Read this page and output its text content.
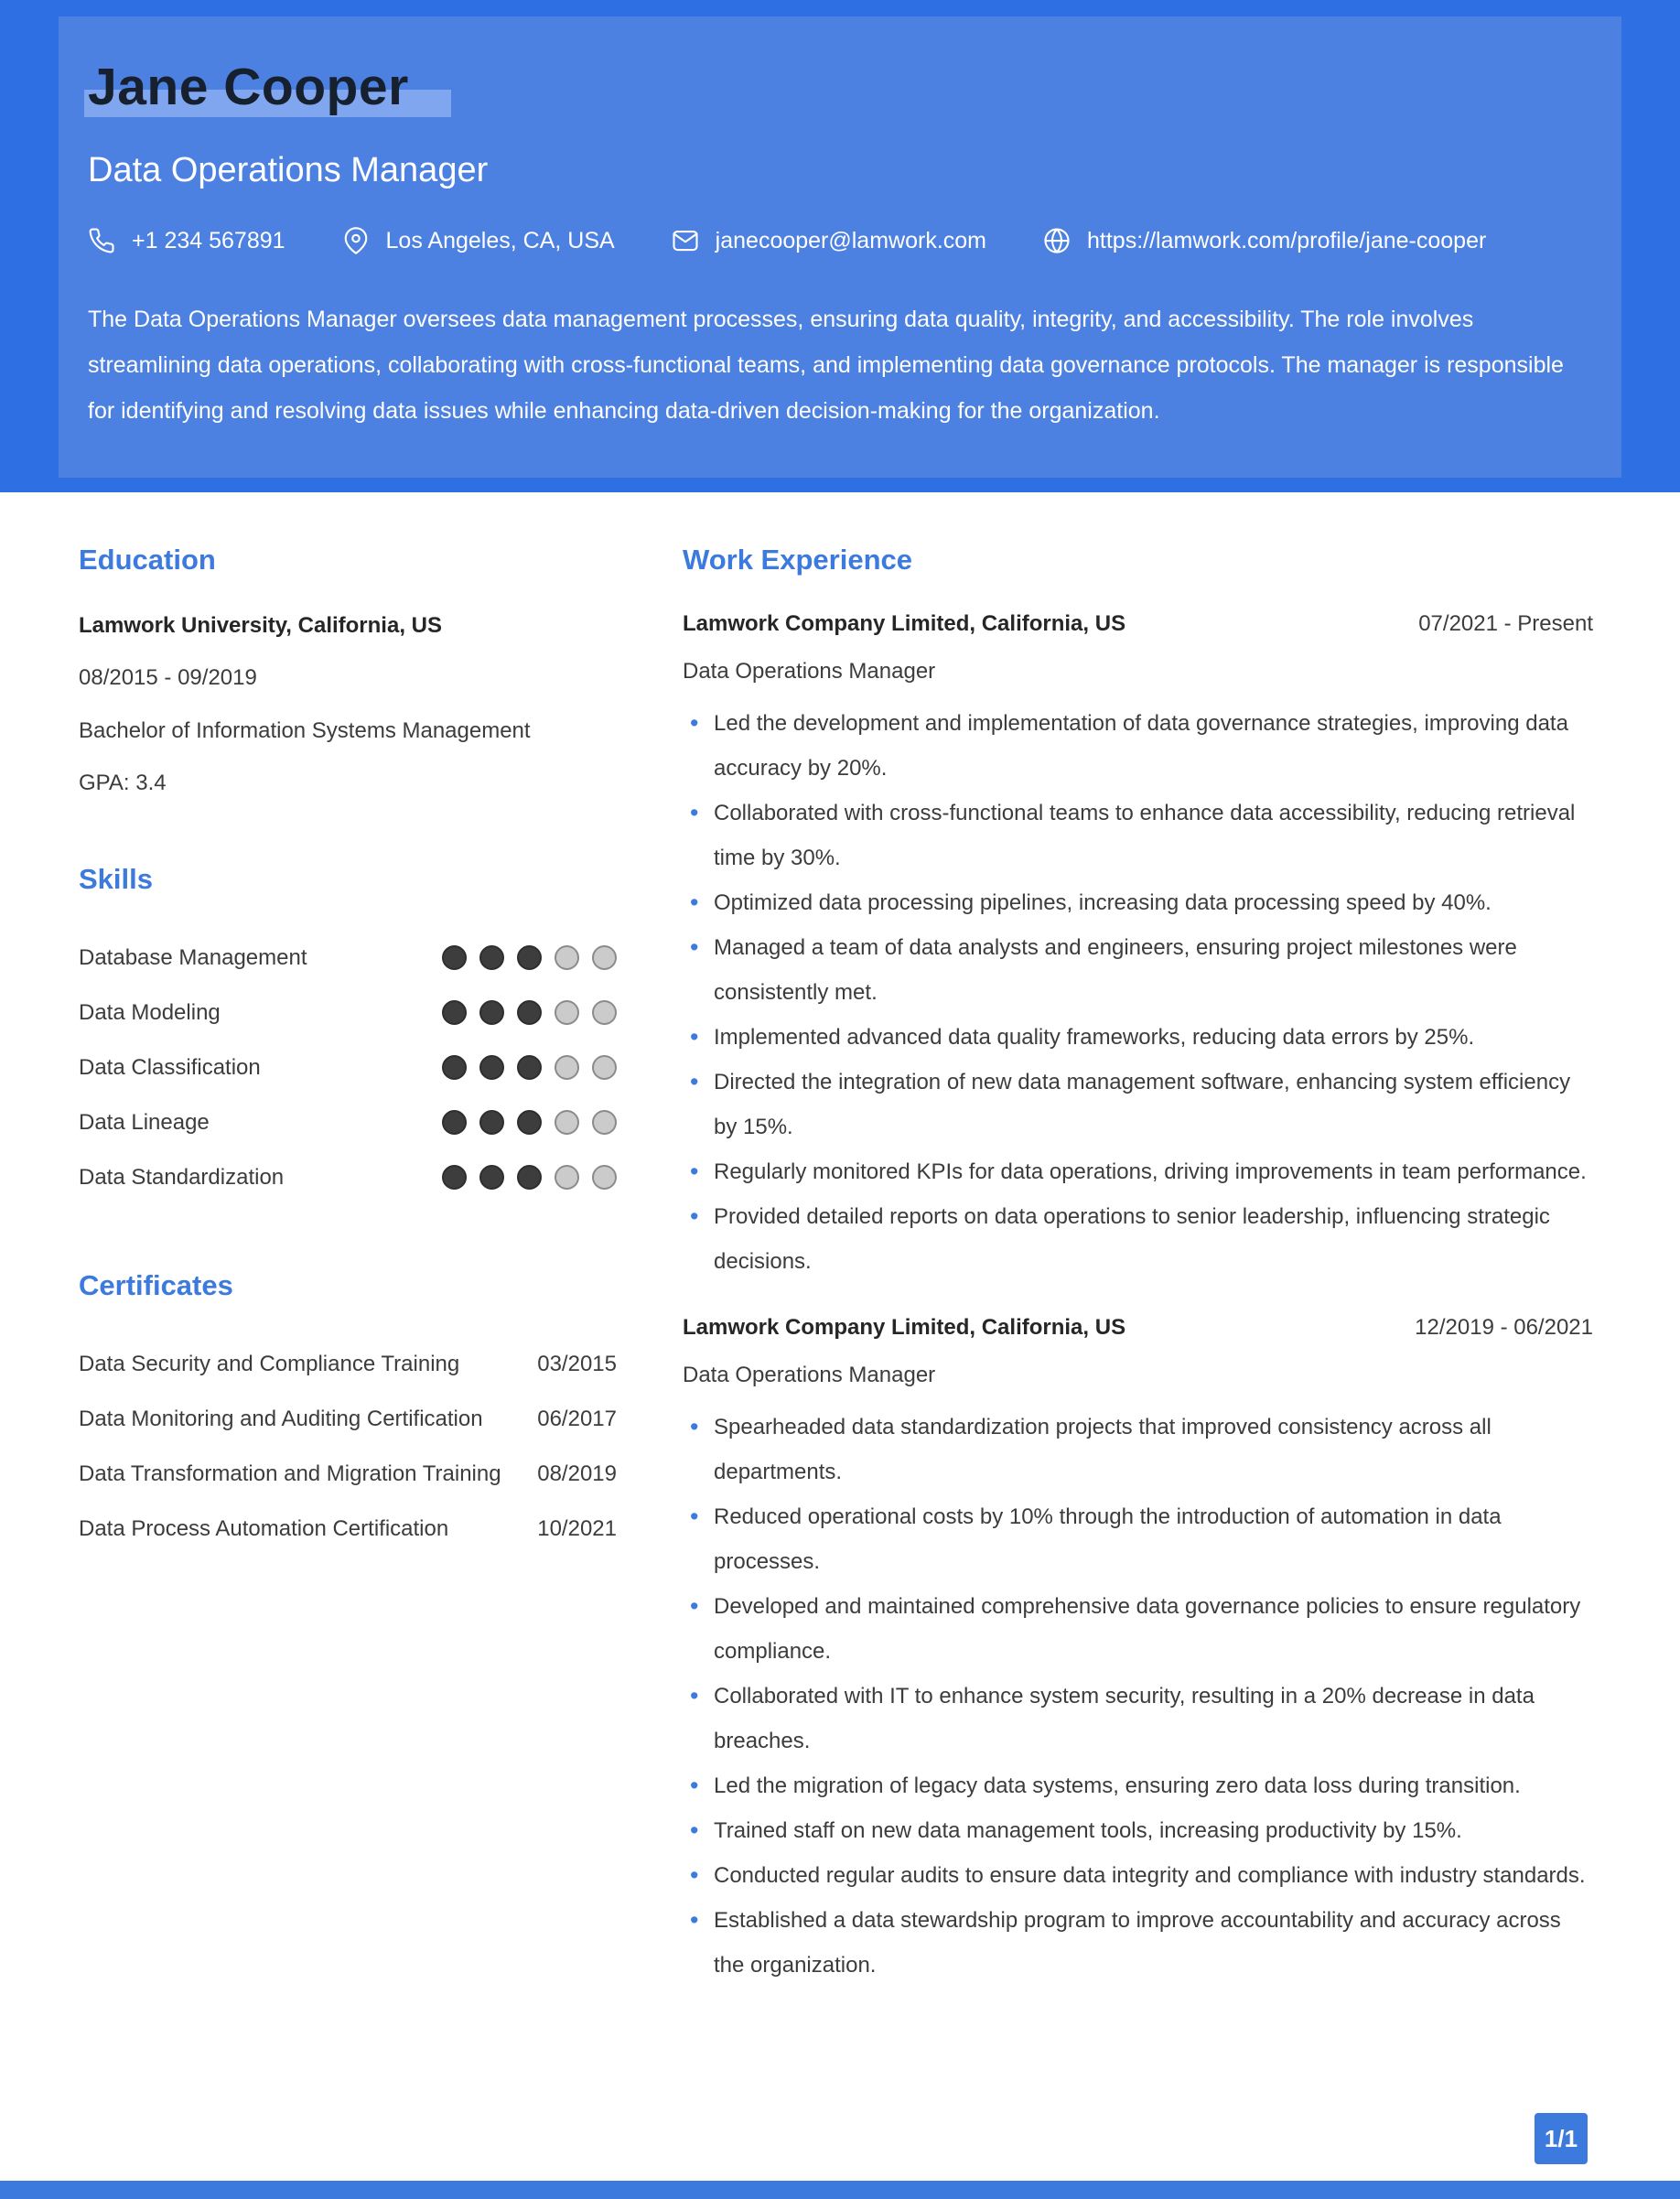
Jane Cooper
Data Operations Manager
+1 234 567891	Los Angeles, CA, USA	janecooper@lamwork.com	https://lamwork.com/profile/jane-cooper

The Data Operations Manager oversees data management processes, ensuring data quality, integrity, and accessibility. The role involves streamlining data operations, collaborating with cross-functional teams, and implementing data governance protocols. The manager is responsible for identifying and resolving data issues while enhancing data-driven decision-making for the organization.

Education

Lamwork University, California, US

08/2015 - 09/2019

Bachelor of Information Systems Management

GPA: 3.4

Skills
Database Management
Data Modeling
Data Classification
Data Lineage
Data Standardization
Certificates
Data Security and Compliance Training	03/2015
Data Monitoring and Auditing Certification 06/2017
Data Transformation and Migration Training 08/2019
Data Process Automation Certification	10/2021
Work Experience
Lamwork Company Limited, California, US	07/2021 - Present
Data Operations Manager
• Led the development and implementation of data governance strategies, improving data accuracy by 20%.
• Collaborated with cross-functional teams to enhance data accessibility, reducing retrieval time by 30%.
• Optimized data processing pipelines, increasing data processing speed by 40%.
• Managed a team of data analysts and engineers, ensuring project milestones were consistently met.
• Implemented advanced data quality frameworks, reducing data errors by 25%.
• Directed the integration of new data management software, enhancing system efficiency by 15%.
• Regularly monitored KPIs for data operations, driving improvements in team performance.
• Provided detailed reports on data operations to senior leadership, influencing strategic decisions.
Lamwork Company Limited, California, US	12/2019 - 06/2021
Data Operations Manager
• Spearheaded data standardization projects that improved consistency across all departments.
• Reduced operational costs by 10% through the introduction of automation in data processes.
• Developed and maintained comprehensive data governance policies to ensure regulatory compliance.
• Collaborated with IT to enhance system security, resulting in a 20% decrease in data breaches.
• Led the migration of legacy data systems, ensuring zero data loss during transition.
• Trained staff on new data management tools, increasing productivity by 15%.
• Conducted regular audits to ensure data integrity and compliance with industry standards.
• Established a data stewardship program to improve accountability and accuracy across the organization.
1/1
